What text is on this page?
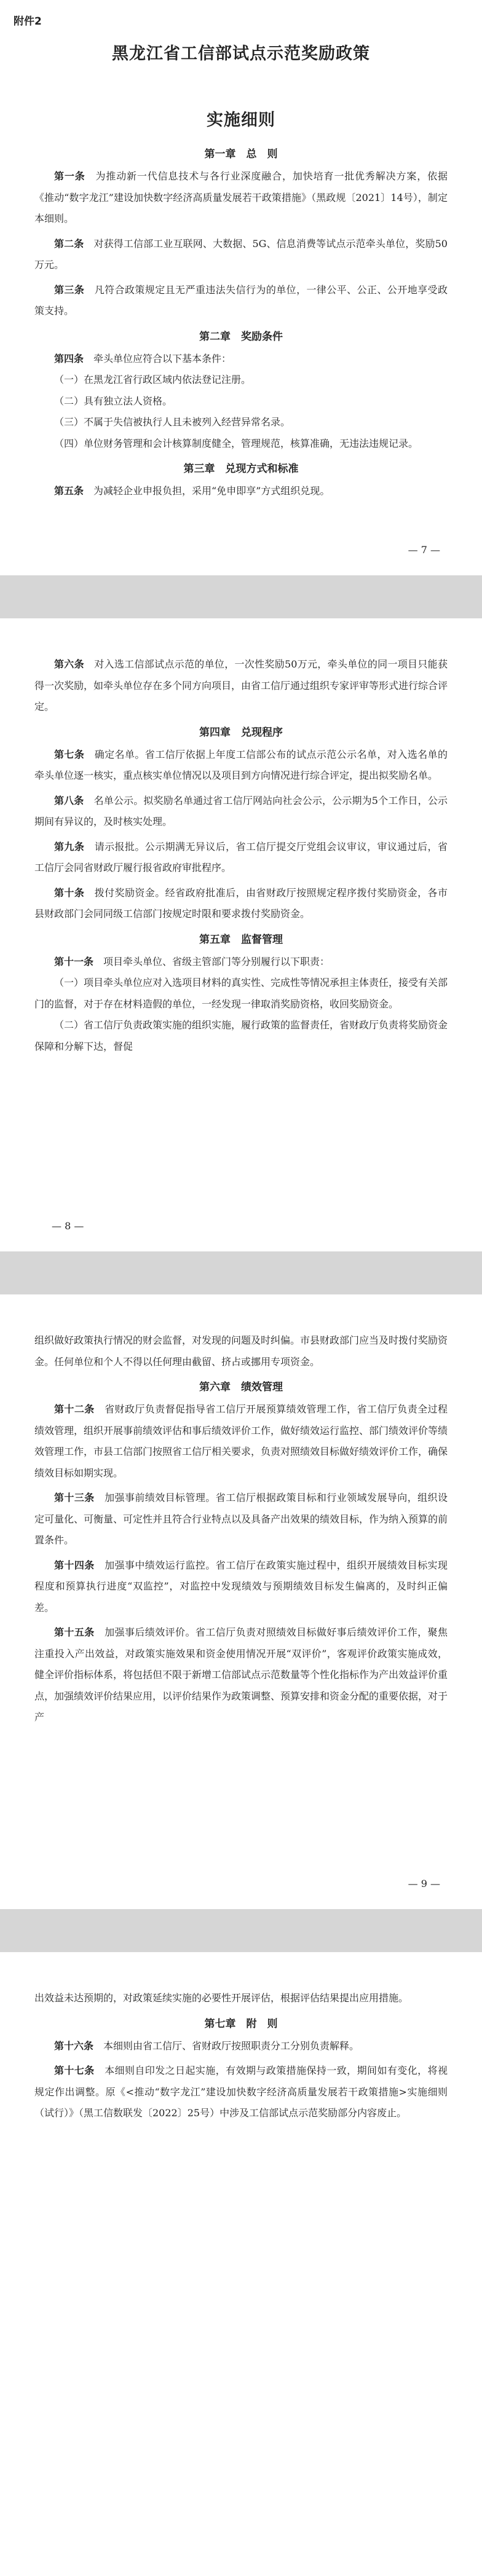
附件2
黑龙江省工信部试点示范奖励政策
实施细则
第一章　总　则

第一条　 为推动新一代信息技术与各行业深度融合，加快培育一批优秀解决方案，依据《推动“数字龙江”建设加快数字经济高质量发展若干政策措施》（黑政规〔2021〕14号），制定本细则。

第二条　 对获得工信部工业互联网、大数据、5G、信息消费等试点示范牵头单位，奖励50万元。

第三条　 凡符合政策规定且无严重违法失信行为的单位，一律公平、公正、公开地享受政策支持。

第二章　奖励条件

第四条　 牵头单位应符合以下基本条件：

（一）在黑龙江省行政区域内依法登记注册。

（二）具有独立法人资格。

（三）不属于失信被执行人且未被列入经营异常名录。

（四）单位财务管理和会计核算制度健全，管理规范，核算准确，无违法违规记录。

第三章　兑现方式和标准

第五条　 为减轻企业申报负担，采用“免申即享”方式组织兑现。

— 7 —

第六条　 对入选工信部试点示范的单位，一次性奖励50万元，牵头单位的同一项目只能获得一次奖励，如牵头单位存在多个同方向项目，由省工信厅通过组织专家评审等形式进行综合评定。

第四章　兑现程序

第七条　 确定名单。省工信厅依据上年度工信部公布的试点示范公示名单，对入选名单的牵头单位逐一核实，重点核实单位情况以及项目到方向情况进行综合评定，提出拟奖励名单。

第八条　 名单公示。拟奖励名单通过省工信厅网站向社会公示，公示期为5个工作日，公示期间有异议的，及时核实处理。

第九条　 请示报批。公示期满无异议后，省工信厅提交厅党组会议审议，审议通过后，省工信厅会同省财政厅履行报省政府审批程序。

第十条　 拨付奖励资金。经省政府批准后，由省财政厅按照规定程序拨付奖励资金，各市县财政部门会同同级工信部门按规定时限和要求拨付奖励资金。

第五章　监督管理

第十一条　 项目牵头单位、省级主管部门等分别履行以下职责：

（一）项目牵头单位应对入选项目材料的真实性、完成性等情况承担主体责任，接受有关部门的监督，对于存在材料造假的单位，一经发现一律取消奖励资格，收回奖励资金。

（二）省工信厅负责政策实施的组织实施，履行政策的监督责任，省财政厅负责将奖励资金保障和分解下达，督促

— 8 —

组织做好政策执行情况的财会监督，对发现的问题及时纠偏。市县财政部门应当及时拨付奖励资金。任何单位和个人不得以任何理由截留、挤占或挪用专项资金。

第六章　绩效管理

第十二条　 省财政厅负责督促指导省工信厅开展预算绩效管理工作，省工信厅负责全过程绩效管理，组织开展事前绩效评估和事后绩效评价工作，做好绩效运行监控、部门绩效评价等绩效管理工作，市县工信部门按照省工信厅相关要求，负责对照绩效目标做好绩效评价工作，确保绩效目标如期实现。

第十三条　 加强事前绩效目标管理。省工信厅根据政策目标和行业领域发展导向，组织设定可量化、可衡量、可定性并且符合行业特点以及具备产出效果的绩效目标，作为纳入预算的前置条件。

第十四条　 加强事中绩效运行监控。省工信厅在政策实施过程中，组织开展绩效目标实现程度和预算执行进度“双监控”，对监控中发现绩效与预期绩效目标发生偏离的，及时纠正偏差。

第十五条　 加强事后绩效评价。省工信厅负责对照绩效目标做好事后绩效评价工作，聚焦注重投入产出效益，对政策实施效果和资金使用情况开展“双评价”，客观评价政策实施成效，健全评价指标体系，将包括但不限于新增工信部试点示范数量等个性化指标作为产出效益评价重点，加强绩效评价结果应用，以评价结果作为政策调整、预算安排和资金分配的重要依据，对于产

— 9 —

出效益未达预期的，对政策延续实施的必要性开展评估，根据评估结果提出应用措施。

第七章　附　则

第十六条　 本细则由省工信厅、省财政厅按照职责分工分别负责解释。

第十七条　 本细则自印发之日起实施，有效期与政策措施保持一致，期间如有变化，将视规定作出调整。原《<推动“数字龙江”建设加快数字经济高质量发展若干政策措施>实施细则（试行）》（黑工信数联发〔2022〕25号）中涉及工信部试点示范奖励部分内容废止。
